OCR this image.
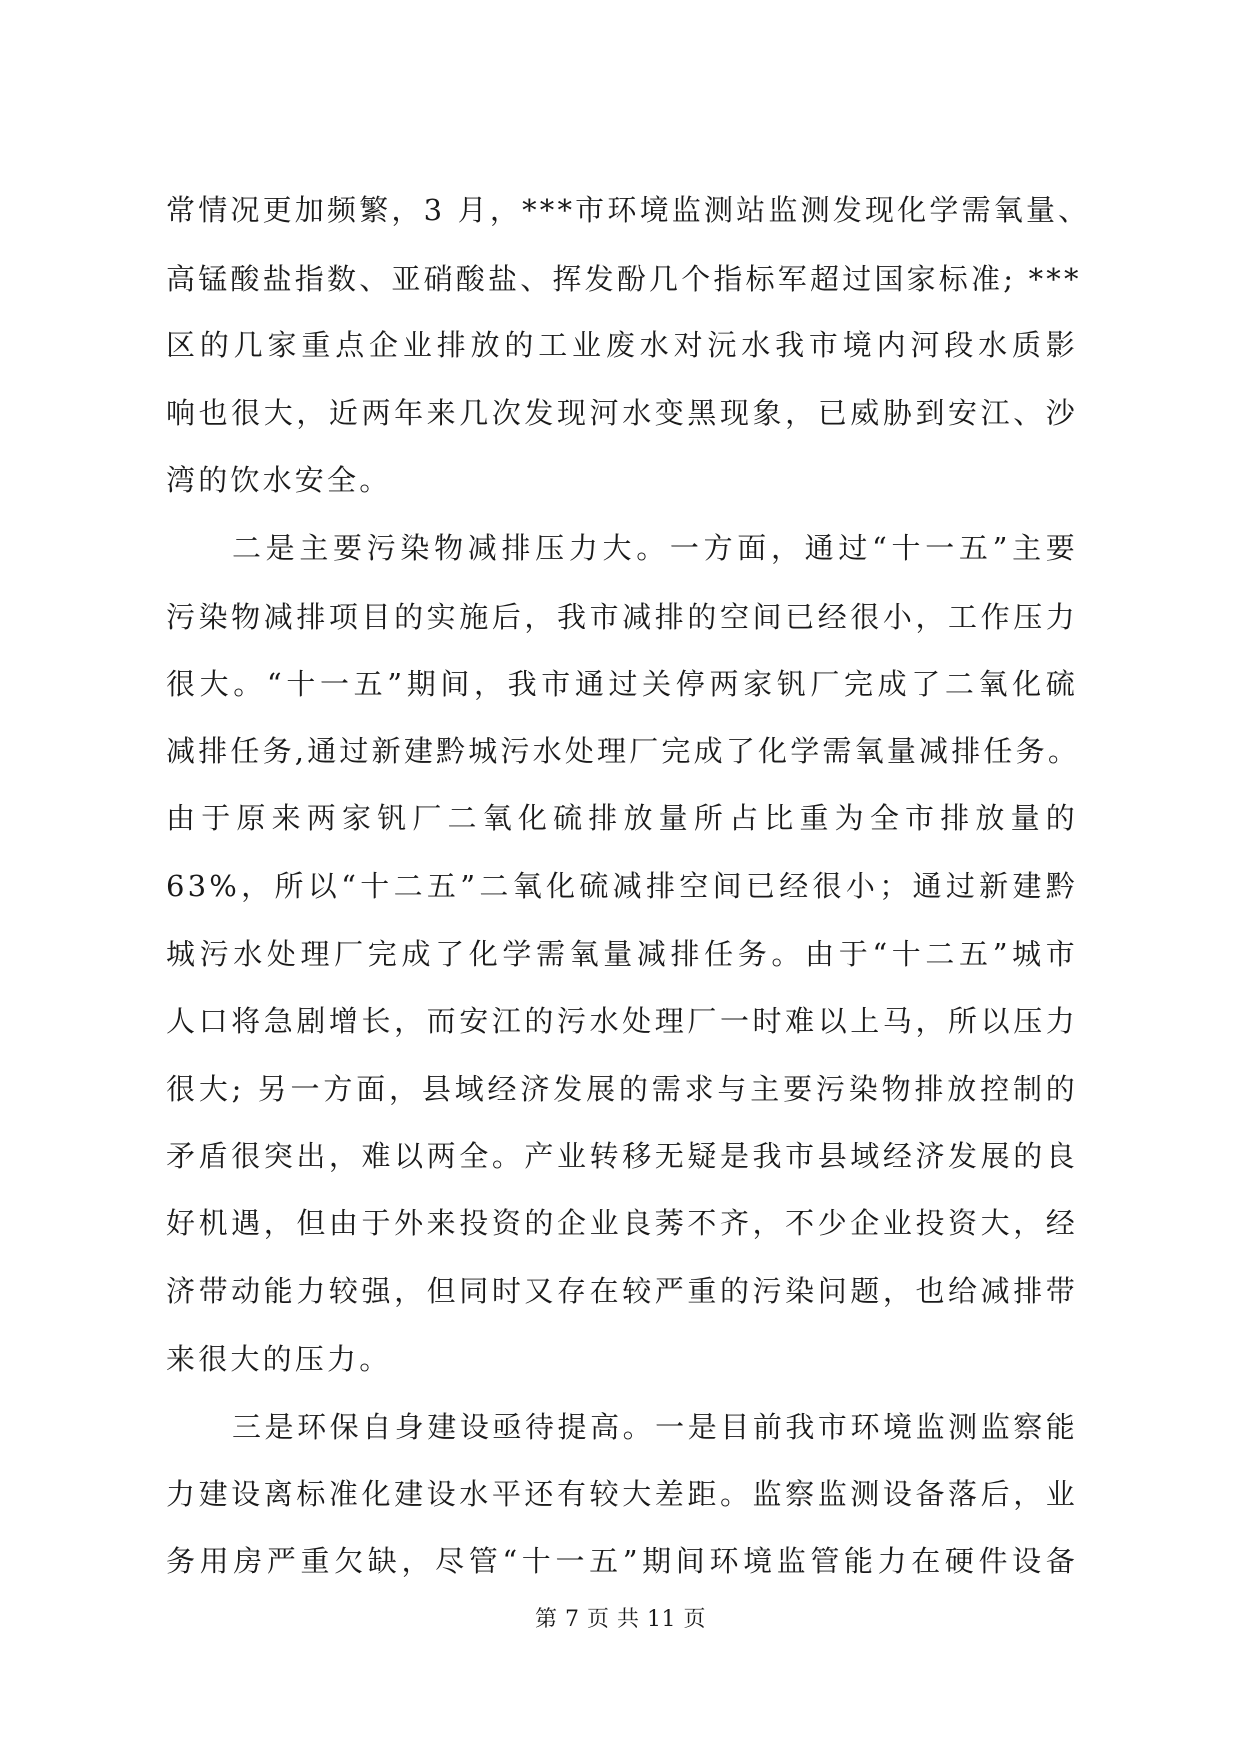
常情况更加频繁，3 月，***市环境监测站监测发现化学需氧量、
高锰酸盐指数、亚硝酸盐、挥发酚几个指标军超过国家标准; ***
区的几家重点企业排放的工业废水对沅水我市境内河段水质影
响也很大，近两年来几次发现河水变黑现象，已威胁到安江、沙
湾的饮水安全。
二是主要污染物减排压力大。一方面，通过“十一五”主要
污染物减排项目的实施后，我市减排的空间已经很小，工作压力
很大。“十一五”期间，我市通过关停两家钒厂完成了二氧化硫
减排任务,通过新建黔城污水处理厂完成了化学需氧量减排任务。
由于原来两家钒厂二氧化硫排放量所占比重为全市排放量的
63%，所以“十二五”二氧化硫减排空间已经很小；通过新建黔
城污水处理厂完成了化学需氧量减排任务。由于“十二五”城市
人口将急剧增长，而安江的污水处理厂一时难以上马，所以压力
很大; 另一方面，县域经济发展的需求与主要污染物排放控制的
矛盾很突出，难以两全。产业转移无疑是我市县域经济发展的良
好机遇，但由于外来投资的企业良莠不齐，不少企业投资大，经
济带动能力较强，但同时又存在较严重的污染问题，也给减排带
来很大的压力。
三是环保自身建设亟待提高。一是目前我市环境监测监察能
力建设离标准化建设水平还有较大差距。监察监测设备落后，业
务用房严重欠缺，尽管“十一五”期间环境监管能力在硬件设备
第 7 页 共 11 页
